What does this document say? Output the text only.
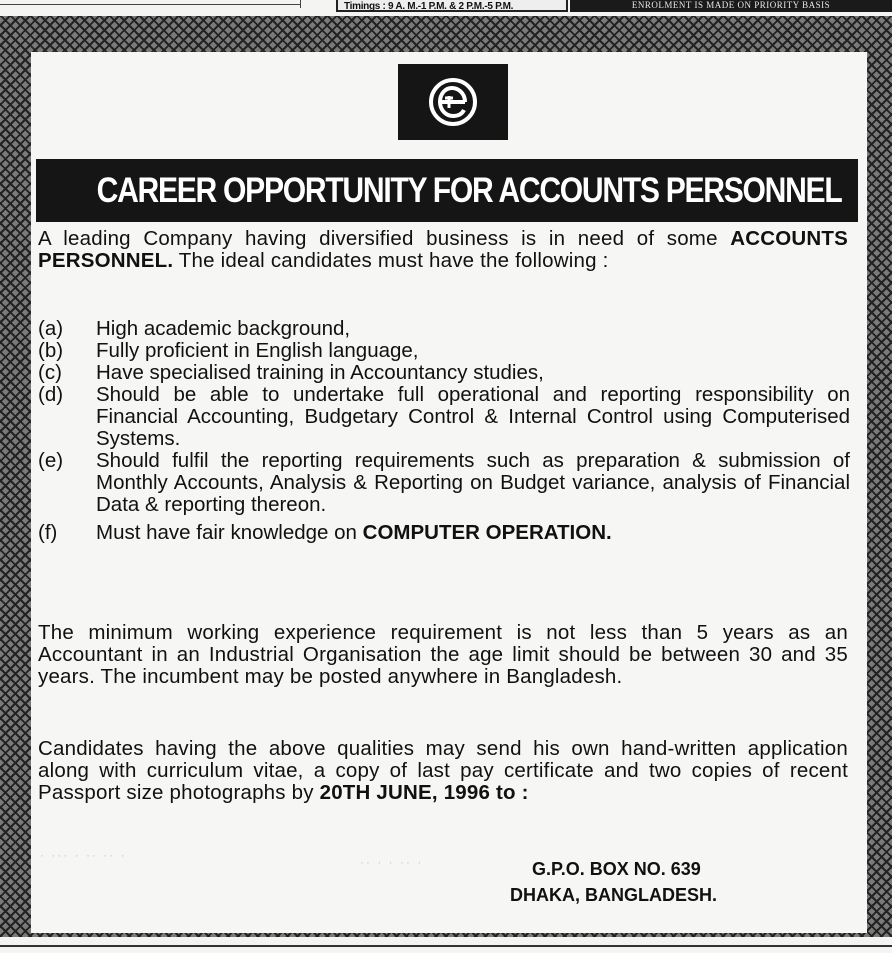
Timings : 9 A. M.-1 P.M. & 2 P.M.-5 P.M.	ENROLMENT IS MADE ON PRIORITY BASIS
CAREER OPPORTUNITY FOR ACCOUNTS PERSONNEL
A leading Company having diversified business is in need of some ACCOUNTS PERSONNEL. The ideal candidates must have the following :
(a)	High academic background,
(b)	Fully proficient in English language,
(c)	Have specialised training in Accountancy studies,
(d)	Should be able to undertake full operational and reporting responsibility on Financial Accounting, Budgetary Control & Internal Control using Computerised Systems.
(e)	Should fulfil the reporting requirements such as preparation & submission of Monthly Accounts, Analysis & Reporting on Budget variance, analysis of Financial Data & reporting thereon.
(f)	Must have fair knowledge on COMPUTER OPERATION.
The minimum working experience requirement is not less than 5 years as an Accountant in an Industrial Organisation the age limit should be between 30 and 35 years. The incumbent may be posted anywhere in Bangladesh.
Candidates having the above qualities may send his own hand-written application along with curriculum vitae, a copy of last pay certificate and two copies of recent Passport size photographs by 20TH JUNE, 1996 to :
· ··· · ·· ·· ·	·· · · ·· ·	G.P.O. BOX NO. 639
DHAKA, BANGLADESH.
